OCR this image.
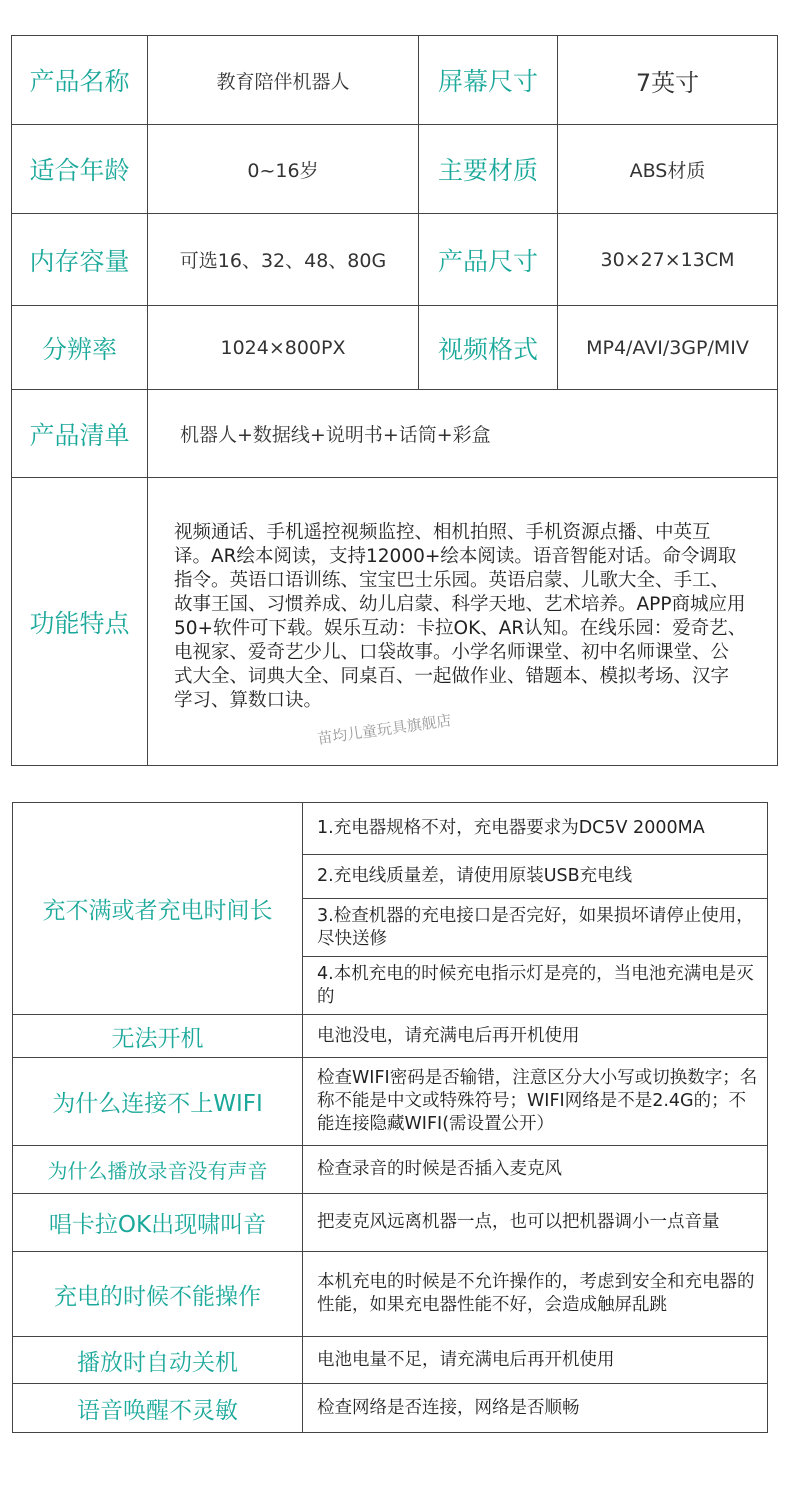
产品名称	教育陪伴机器人	屏幕尺寸	7英寸
适合年龄	0~16岁	主要材质	ABS材质
内存容量	可选16、32、48、80G	产品尺寸	30×27×13CM
分辨率	1024×800PX	视频格式	MP4/AVI/3GP/MIV
产品清单	机器人+数据线+说明书+话筒+彩盒		
功能特点	视频通话、手机遥控视频监控、相机拍照、手机资源点播、中英互译。AR绘本阅读，支持12000+绘本阅读。语音智能对话。命令调取指令。英语口语训练、宝宝巴士乐园。英语启蒙、儿歌大全、手工、故事王国、习惯养成、幼儿启蒙、科学天地、艺术培养。APP商城应用50+软件可下载。娱乐互动：卡拉OK、AR认知。在线乐园：爱奇艺、电视家、爱奇艺少儿、口袋故事。小学名师课堂、初中名师课堂、公式大全、词典大全、同桌百、一起做作业、错题本、模拟考场、汉字学习、算数口诀。		
苗均儿童玩具旗舰店
充不满或者充电时间长	1.充电器规格不对，充电器要求为DC5V 2000MA
	2.充电线质量差，请使用原装USB充电线
	3.检查机器的充电接口是否完好，如果损坏请停止使用，尽快送修
	4.本机充电的时候充电指示灯是亮的，当电池充满电是灭的
无法开机	电池没电，请充满电后再开机使用
为什么连接不上WIFI	检查WIFI密码是否输错，注意区分大小写或切换数字；名称不能是中文或特殊符号；WIFI网络是不是2.4G的；不能连接隐藏WIFI(需设置公开）
为什么播放录音没有声音	检查录音的时候是否插入麦克风
唱卡拉OK出现啸叫音	把麦克风远离机器一点，也可以把机器调小一点音量
充电的时候不能操作	本机充电的时候是不允许操作的，考虑到安全和充电器的性能，如果充电器性能不好，会造成触屏乱跳
播放时自动关机	电池电量不足，请充满电后再开机使用
语音唤醒不灵敏	检查网络是否连接，网络是否顺畅
